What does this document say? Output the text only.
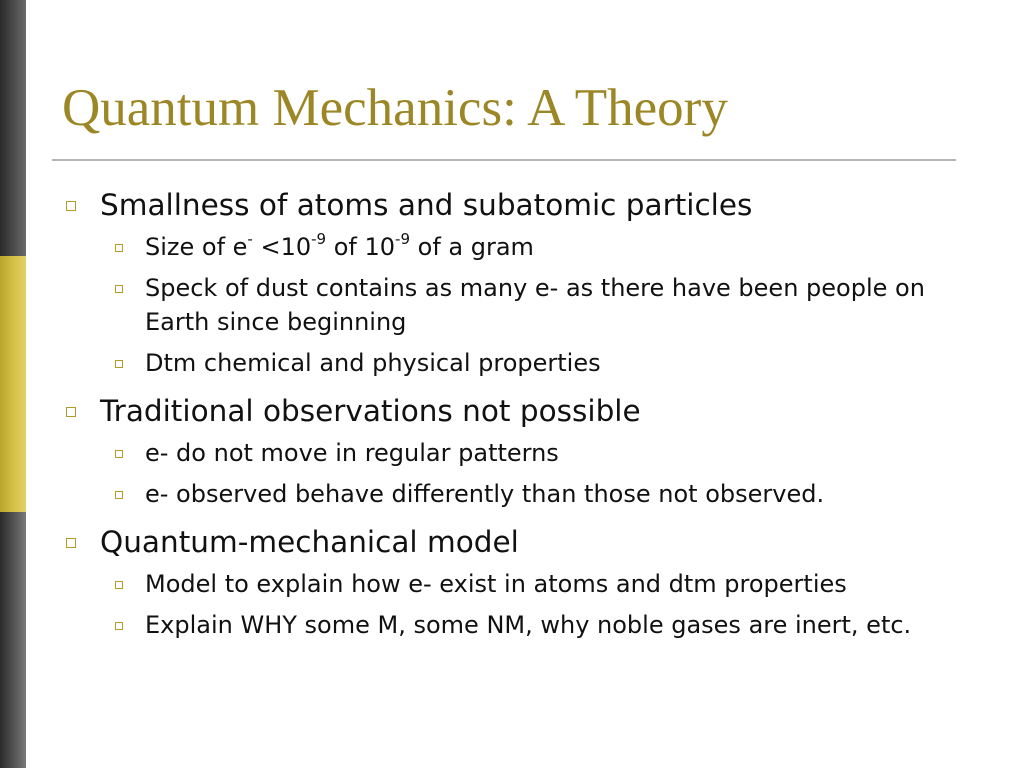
Quantum Mechanics: A Theory
Smallness of atoms and subatomic particles
Size of $e^- <10^{-9}$ of $10^{-9}$ of a gram
Speck of dust contains as many e- as there have been people on Earth since beginning
Dtm chemical and physical properties
Traditional observations not possible
e- do not move in regular patterns
e- observed behave differently than those not observed.
Quantum-mechanical model
Model to explain how e- exist in atoms and dtm properties
Explain WHY some M, some NM, why noble gases are inert, etc.
